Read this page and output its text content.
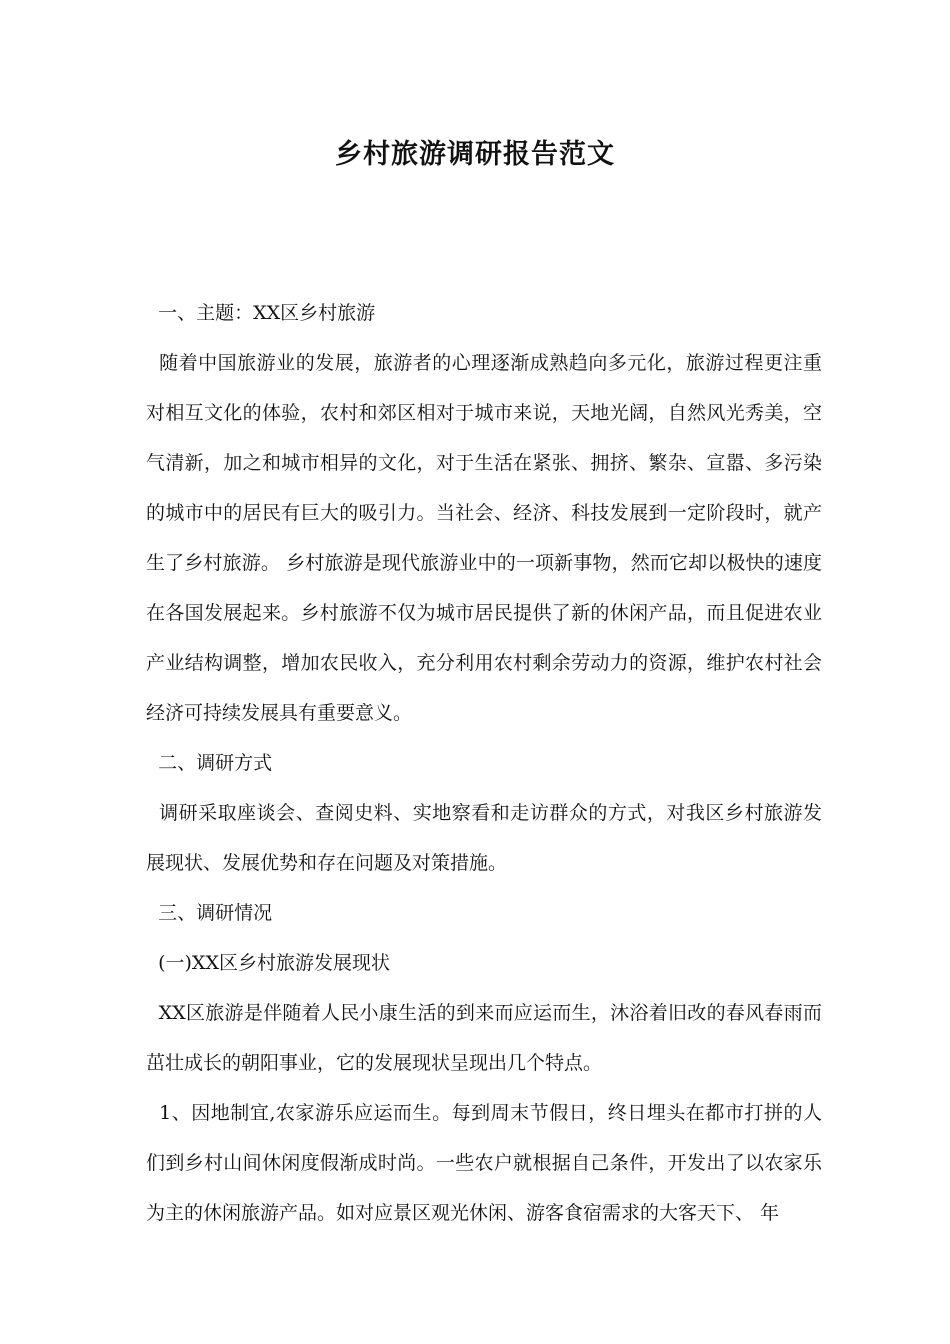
乡村旅游调研报告范文

一、主题：XX区乡村旅游

随着中国旅游业的发展，旅游者的心理逐渐成熟趋向多元化，旅游过程更注重对相互文化的体验，农村和郊区相对于城市来说，天地光阔，自然风光秀美，空气清新，加之和城市相异的文化，对于生活在紧张、拥挤、繁杂、宣嚣、多污染的城市中的居民有巨大的吸引力。当社会、经济、科技发展到一定阶段时，就产生了乡村旅游。 乡村旅游是现代旅游业中的一项新事物，然而它却以极快的速度在各国发展起来。乡村旅游不仅为城市居民提供了新的休闲产品，而且促进农业产业结构调整，增加农民收入，充分利用农村剩余劳动力的资源，维护农村社会经济可持续发展具有重要意义。

二、调研方式

调研采取座谈会、查阅史料、实地察看和走访群众的方式，对我区乡村旅游发展现状、发展优势和存在问题及对策措施。

三、调研情况

(一)XX区乡村旅游发展现状

XX区旅游是伴随着人民小康生活的到来而应运而生，沐浴着旧改的春风春雨而茁壮成长的朝阳事业，它的发展现状呈现出几个特点。

1、因地制宜,农家游乐应运而生。每到周末节假日，终日埋头在都市打拼的人们到乡村山间休闲度假渐成时尚。一些农户就根据自己条件，开发出了以农家乐为主的休闲旅游产品。如对应景区观光休闲、游客食宿需求的大客天下、 年
